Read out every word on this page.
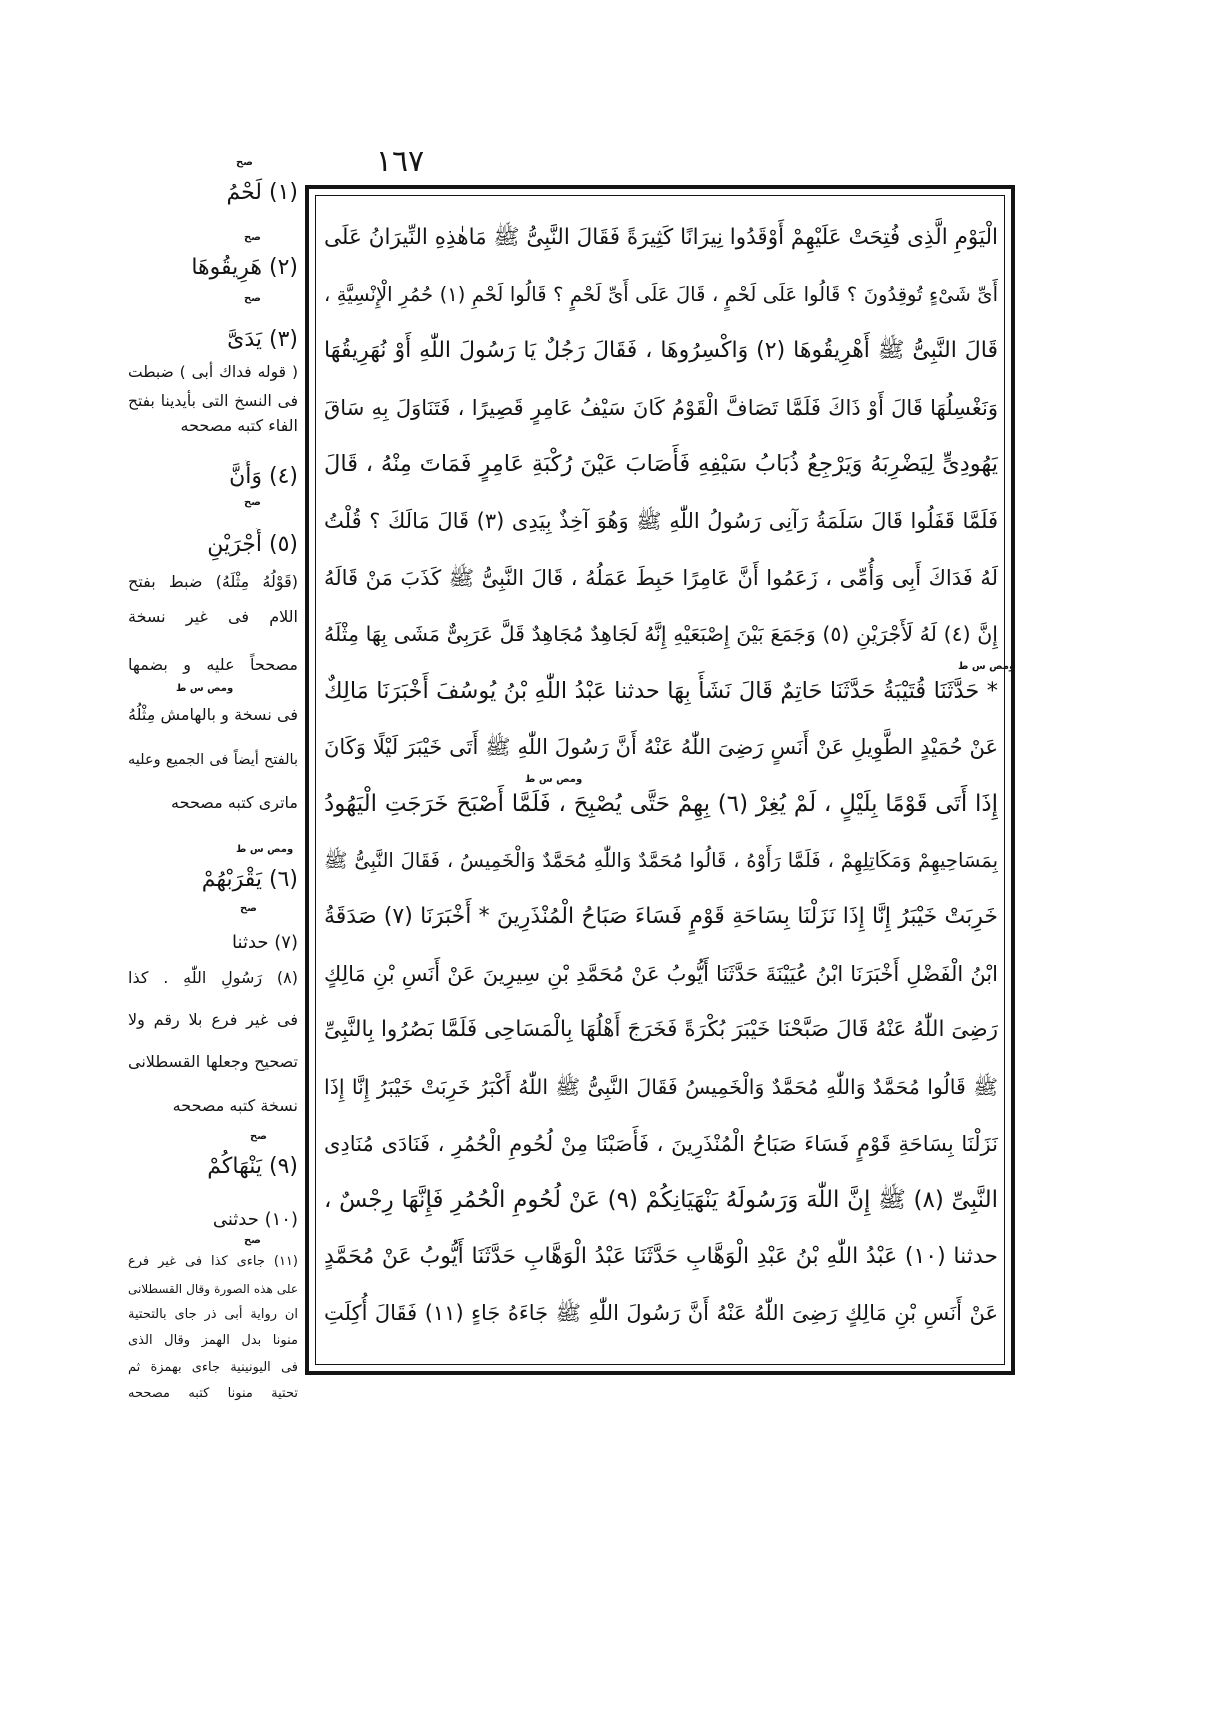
١٦٧
الْيَوْمِ الَّذِى فُتِحَتْ عَلَيْهِمْ أَوْقَدُوا نِيرَانًا كَثِيرَةً فَقَالَ النَّبِىُّ ﷺ مَاهٰذِهِ النِّيرَانُ عَلَى
أَىِّ شَىْءٍ تُوقِدُونَ ؟ قَالُوا عَلَى لَحْمٍ ، قَالَ عَلَى أَىِّ لَحْمٍ ؟ قَالُوا لَحْمِ (١) حُمُرِ الْإِنْسِيَّةِ ،
قَالَ النَّبِىُّ ﷺ أَهْرِيقُوهَا (٢) وَاكْسِرُوهَا ، فَقَالَ رَجُلٌ يَا رَسُولَ اللّٰهِ أَوْ نُهَرِيقُهَا
وَنَغْسِلُهَا قَالَ أَوْ ذَاكَ فَلَمَّا تَصَافَّ الْقَوْمُ كَانَ سَيْفُ عَامِرٍ قَصِيرًا ، فَتَنَاوَلَ بِهِ سَاقَ
يَهُودِىٍّ لِيَضْرِبَهُ وَيَرْجِعُ ذُبَابُ سَيْفِهِ فَأَصَابَ عَيْنَ رُكْبَةِ عَامِرٍ فَمَاتَ مِنْهُ ، قَالَ
فَلَمَّا قَفَلُوا قَالَ سَلَمَةُ رَآنِى رَسُولُ اللّٰهِ ﷺ وَهُوَ آخِذٌ بِيَدِى (٣) قَالَ مَالَكَ ؟ قُلْتُ
لَهُ فَدَاكَ أَبِى وَأُمِّى ، زَعَمُوا أَنَّ عَامِرًا حَبِطَ عَمَلُهُ ، قَالَ النَّبِىُّ ﷺ كَذَبَ مَنْ قَالَهُ
إِنَّ (٤) لَهُ لَأَجْرَيْنِ (٥) وَجَمَعَ بَيْنَ إِصْبَعَيْهِ إِنَّهُ لَجَاهِدٌ مُجَاهِدٌ قَلَّ عَرَبِىٌّ مَشَى بِهَا مِثْلَهُ
* حَدَّثَنَا قُتَيْبَةُ حَدَّثَنَا حَاتِمٌ قَالَ نَشَأَ بِهَا حدثنا عَبْدُ اللّٰهِ بْنُ يُوسُفَ أَخْبَرَنَا مَالِكٌ
عَنْ حُمَيْدٍ الطَّوِيلِ عَنْ أَنَسٍ رَضِىَ اللّٰهُ عَنْهُ أَنَّ رَسُولَ اللّٰهِ ﷺ أَتَى خَيْبَرَ لَيْلًا وَكَانَ
إِذَا أَتَى قَوْمًا بِلَيْلٍ ، لَمْ يُغِرْ (٦) بِهِمْ حَتَّى يُصْبِحَ ، فَلَمَّا أَصْبَحَ خَرَجَتِ الْيَهُودُ
بِمَسَاحِيهِمْ وَمَكَاتِلِهِمْ ، فَلَمَّا رَأَوْهُ ، قَالُوا مُحَمَّدٌ وَاللّٰهِ مُحَمَّدٌ وَالْخَمِيسُ ، فَقَالَ النَّبِىُّ ﷺ
خَرِبَتْ خَيْبَرُ إِنَّا إِذَا نَزَلْنَا بِسَاحَةِ قَوْمٍ فَسَاءَ صَبَاحُ الْمُنْذَرِينَ * أَخْبَرَنَا (٧) صَدَقَةُ
ابْنُ الْفَضْلِ أَخْبَرَنَا ابْنُ عُيَيْنَةَ حَدَّثَنَا أَيُّوبُ عَنْ مُحَمَّدِ بْنِ سِيرِينَ عَنْ أَنَسِ بْنِ مَالِكٍ
رَضِىَ اللّٰهُ عَنْهُ قَالَ صَبَّحْنَا خَيْبَرَ بُكْرَةً فَخَرَجَ أَهْلُهَا بِالْمَسَاحِى فَلَمَّا بَصُرُوا بِالنَّبِىِّ
ﷺ قَالُوا مُحَمَّدٌ وَاللّٰهِ مُحَمَّدٌ وَالْخَمِيسُ فَقَالَ النَّبِىُّ ﷺ اللّٰهُ أَكْبَرُ خَرِبَتْ خَيْبَرُ إِنَّا إِذَا
نَزَلْنَا بِسَاحَةِ قَوْمٍ فَسَاءَ صَبَاحُ الْمُنْذَرِينَ ، فَأَصَبْنَا مِنْ لُحُومِ الْحُمُرِ ، فَنَادَى مُنَادِى
النَّبِىِّ (٨) ﷺ إِنَّ اللّٰهَ وَرَسُولَهُ يَنْهَيَانِكُمْ (٩) عَنْ لُحُومِ الْحُمُرِ فَإِنَّهَا رِجْسٌ ،
حدثنا (١٠) عَبْدُ اللّٰهِ بْنُ عَبْدِ الْوَهَّابِ حَدَّثَنَا عَبْدُ الْوَهَّابِ حَدَّثَنَا أَيُّوبُ عَنْ مُحَمَّدٍ
عَنْ أَنَسِ بْنِ مَالِكٍ رَضِىَ اللّٰهُ عَنْهُ أَنَّ رَسُولَ اللّٰهِ ﷺ جَاءَهُ جَاءٍ (١١) فَقَالَ أُكِلَتِ
ومص س ط
ومص س ط
(١) لَحْمُ
(٢) هَرِيقُوهَا
(٣) يَدَىَّ
( قوله فداك أبى ) ضبطت
فى النسخ التى بأيدينا بفتح
الفاء كتبه مصححه
(٤) وَأَنَّ
(٥) أَجْرَيْنِ
(قَوْلُهُ مِثْلَهُ) ضبط بفتح
اللام فى غير نسخة
مصححاً عليه و بضمها
فى نسخة و بالهامش مِثْلُهُ
بالفتح أيضاً فى الجميع وعليه
ماترى كتبه مصححه
(٦) يَقْرَبْهُمْ
(٧) حدثنا
(٨) رَسُولِ اللّٰهِ . كذا
فى غير فرع بلا رقم ولا
تصحيح وجعلها القسطلانى
نسخة كتبه مصححه
(٩) يَنْهَاكُمْ
(١٠) حدثنى
(١١) جاءى كذا فى غير فرع
على هذه الصورة وقال القسطلانى
ان رواية أبى ذر جاى بالتحتية
منونا بدل الهمز وقال الذى
فى اليونينية جاءى بهمزة ثم
تحتية منونا كتبه مصححه
صح
صح
صح
صح
ومص س ط
ومص س ط
صح
صح
صح
